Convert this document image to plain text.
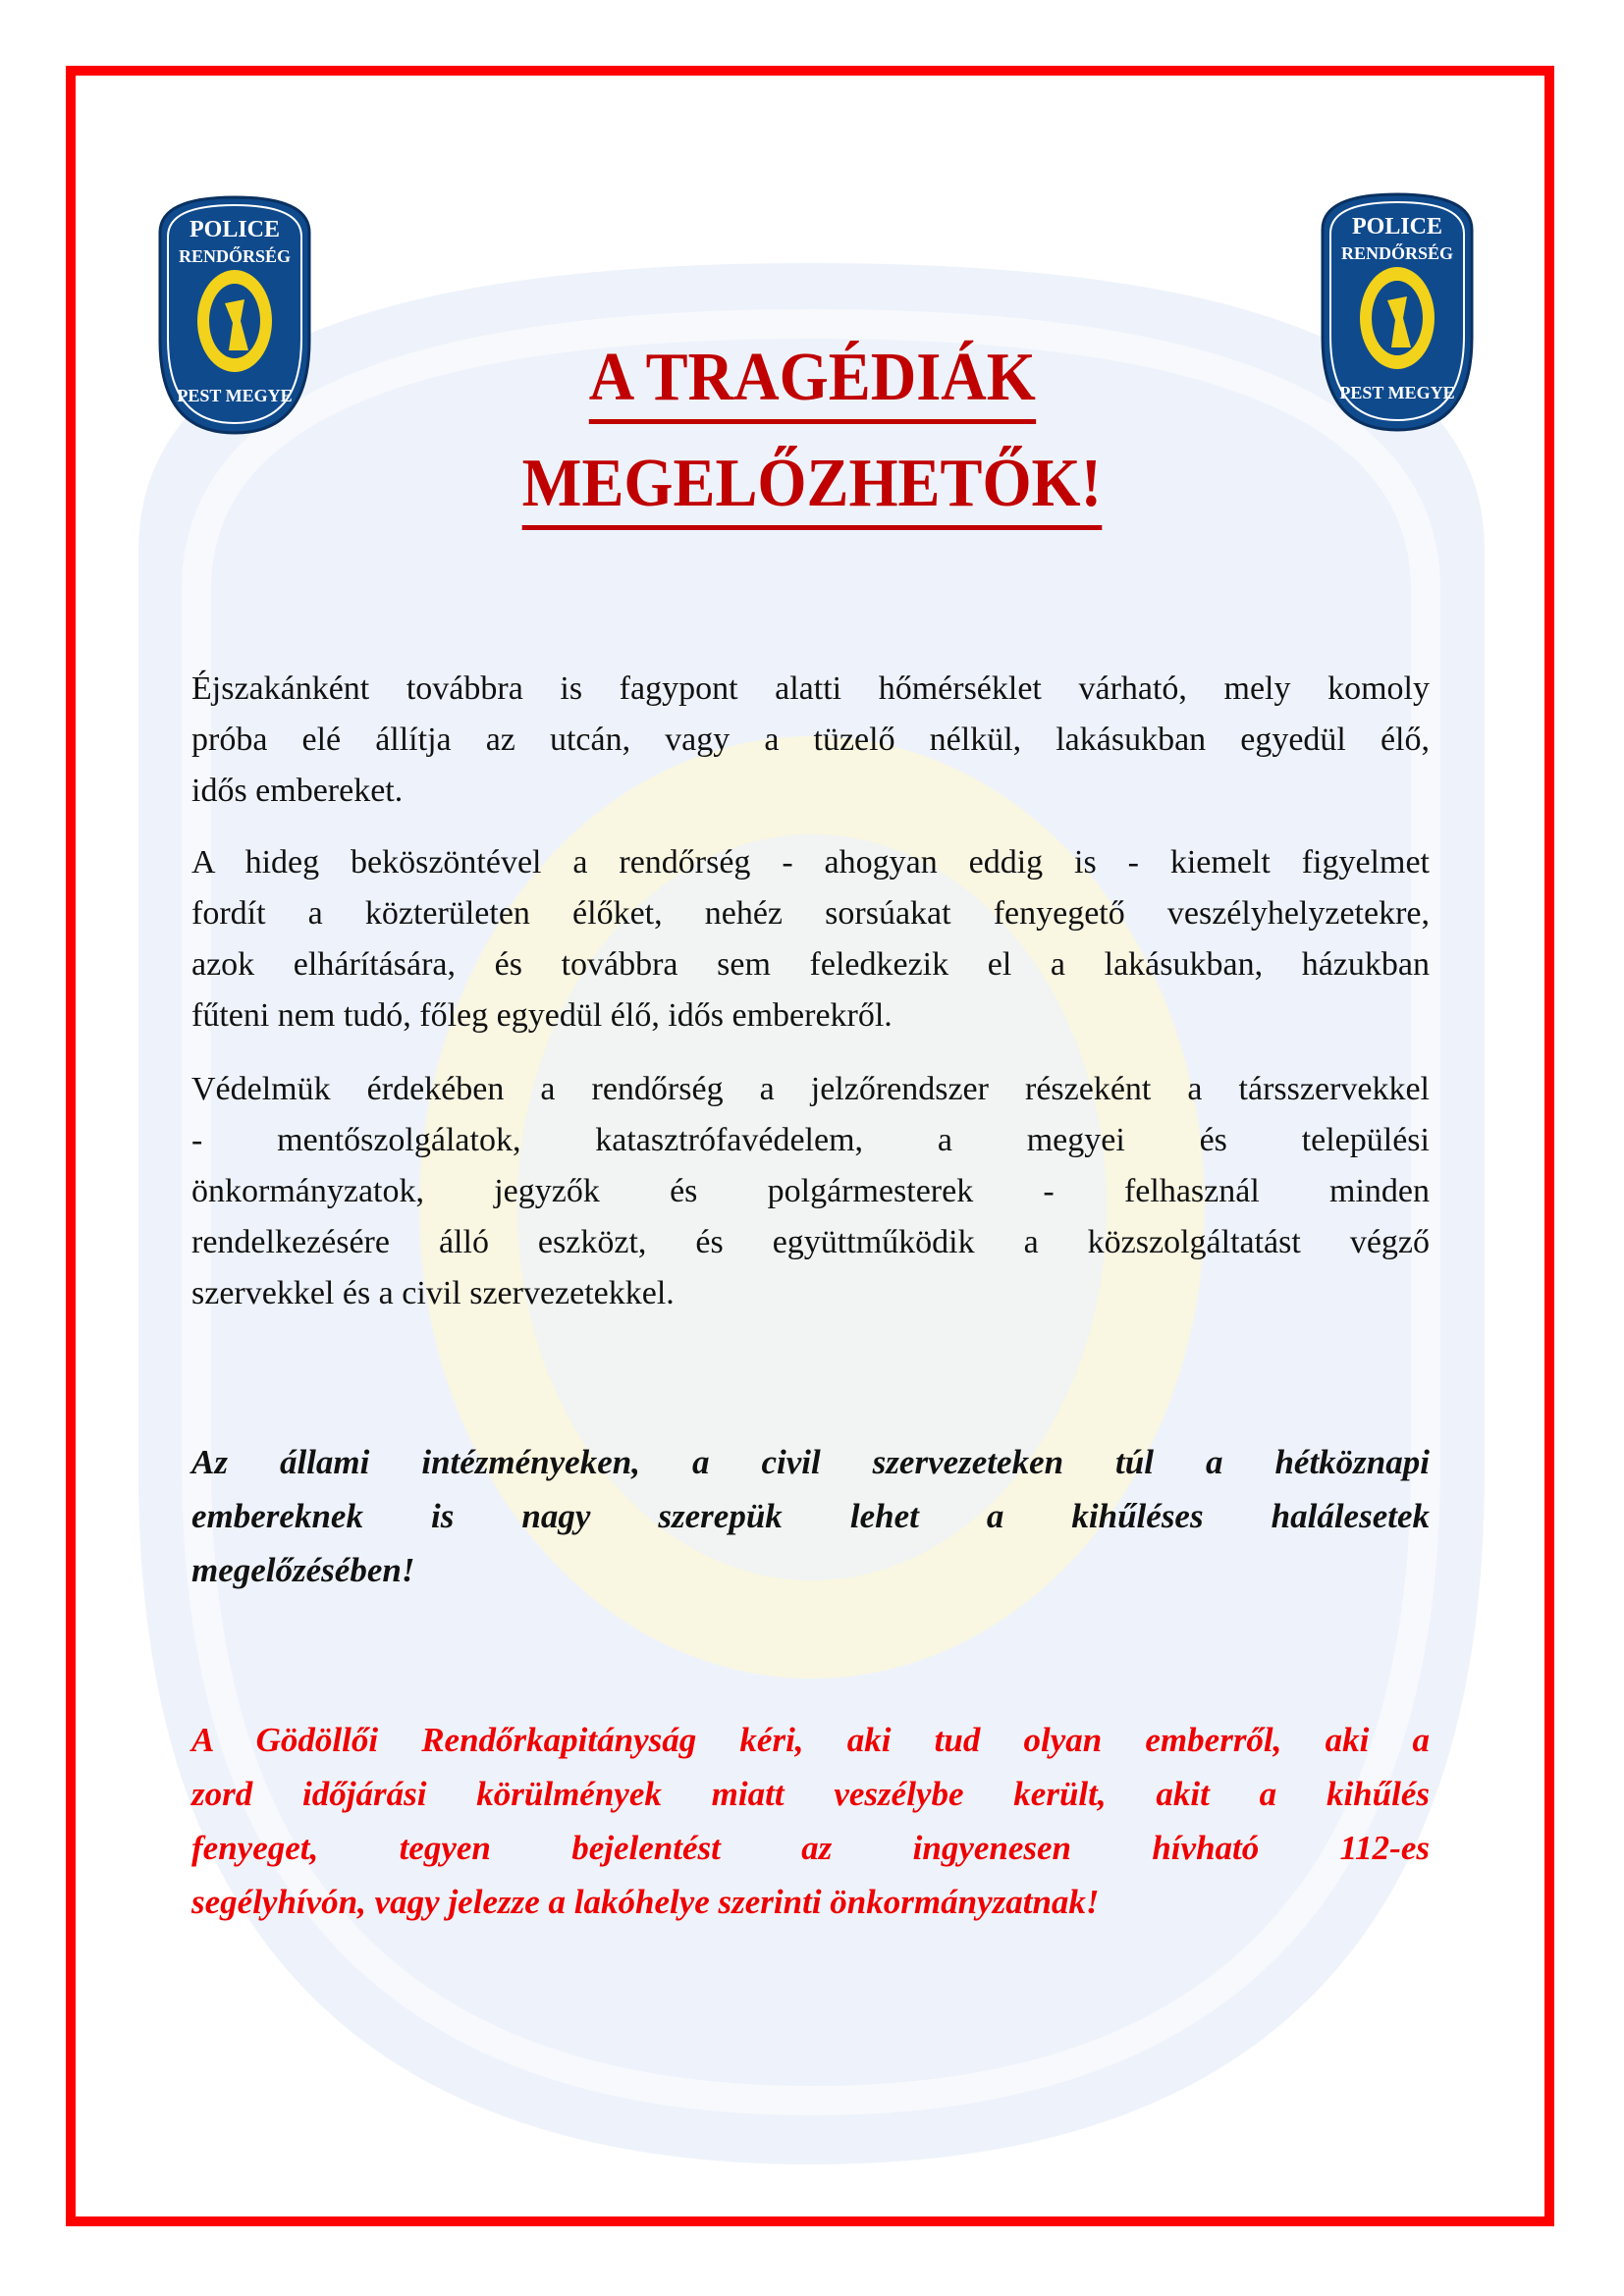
POLICE
RENDŐRSÉG
PEST MEGYE
POLICE
RENDŐRSÉG
PEST MEGYE
A TRAGÉDIÁK
MEGELŐZHETŐK!
Éjszakánként továbbra is fagypont alatti hőmérséklet várható, mely komoly
próba elé állítja az utcán, vagy a tüzelő nélkül, lakásukban egyedül élő,
idős embereket.
A hideg beköszöntével a rendőrség - ahogyan eddig is - kiemelt figyelmet
fordít a közterületen élőket, nehéz sorsúakat fenyegető veszélyhelyzetekre,
azok elhárítására, és továbbra sem feledkezik el a lakásukban, házukban
fűteni nem tudó, főleg egyedül élő, idős emberekről.
Védelmük érdekében a rendőrség a jelzőrendszer részeként a társszervekkel
- mentőszolgálatok, katasztrófavédelem, a megyei és települési
önkormányzatok, jegyzők és polgármesterek - felhasznál minden
rendelkezésére álló eszközt, és együttműködik a közszolgáltatást végző
szervekkel és a civil szervezetekkel.
Az állami intézményeken, a civil szervezeteken túl a hétköznapi
embereknek is nagy szerepük lehet a kihűléses halálesetek
megelőzésében!
A Gödöllői Rendőrkapitányság kéri, aki tud olyan emberről, aki a
zord időjárási körülmények miatt veszélybe került, akit a kihűlés
fenyeget, tegyen bejelentést az ingyenesen hívható 112-es
segélyhívón, vagy jelezze a lakóhelye szerinti önkormányzatnak!
